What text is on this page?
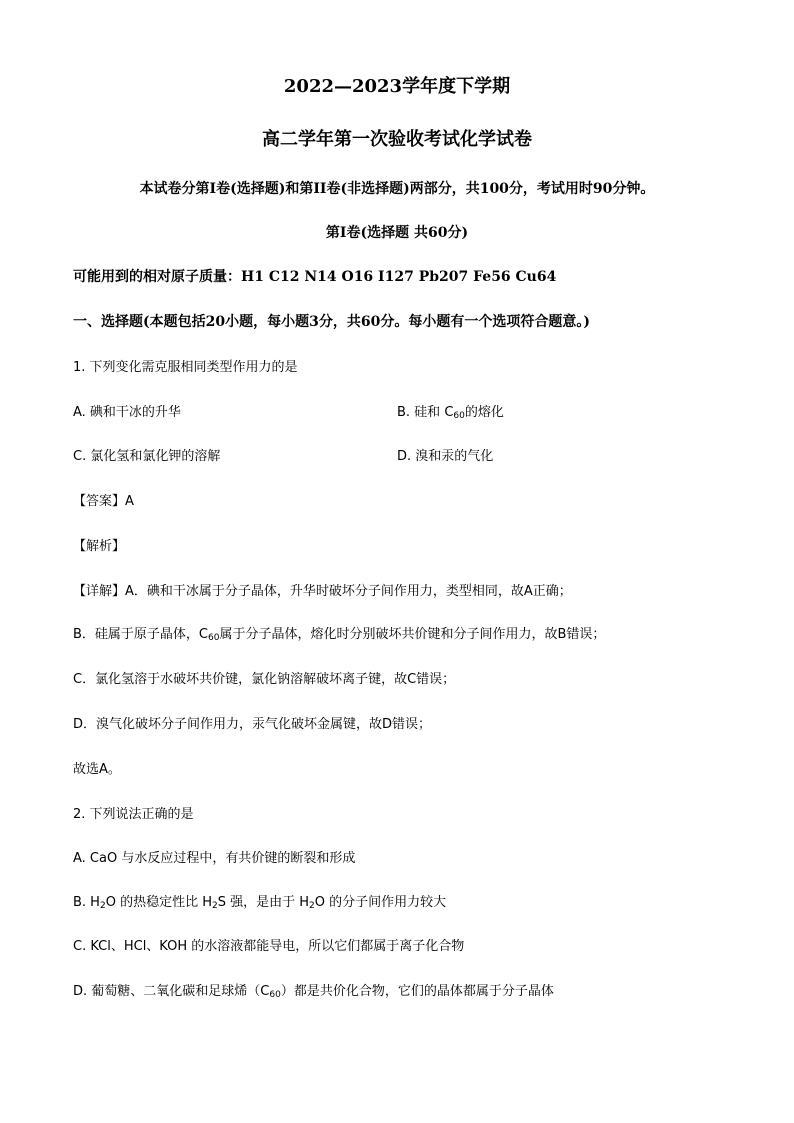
2022—2023学年度下学期
高二学年第一次验收考试化学试卷
本试卷分第I卷(选择题)和第II卷(非选择题)两部分，共100分，考试用时90分钟。
第I卷(选择题 共60分)
可能用到的相对原子质量：H1 C12 N14 O16 I127 Pb207 Fe56 Cu64
一、选择题(本题包括20小题，每小题3分，共60分。每小题有一个选项符合题意。)
1. 下列变化需克服相同类型作用力的是
A. 碘和干冰的升华	B. 硅和 $C_{60}$的熔化
C. 氯化氢和氯化钾的溶解	D. 溴和汞的气化
【答案】A
【解析】
【详解】A．碘和干冰属于分子晶体，升华时破坏分子间作用力，类型相同，故A正确；
B．硅属于原子晶体，$C_{60}$属于分子晶体，熔化时分别破坏共价键和分子间作用力，故B错误；
C．氯化氢溶于水破坏共价键，氯化钠溶解破坏离子键，故C错误；
D．溴气化破坏分子间作用力，汞气化破坏金属键，故D错误；
故选A。
2. 下列说法正确的是
A. CaO 与水反应过程中，有共价键的断裂和形成
B. $H_2O$ 的热稳定性比 $H_2S$ 强，是由于 $H_2O$ 的分子间作用力较大
C. KCl、HCl、KOH 的水溶液都能导电，所以它们都属于离子化合物
D. 葡萄糖、二氧化碳和足球烯$(C_{60})$都是共价化合物，它们的晶体都属于分子晶体
